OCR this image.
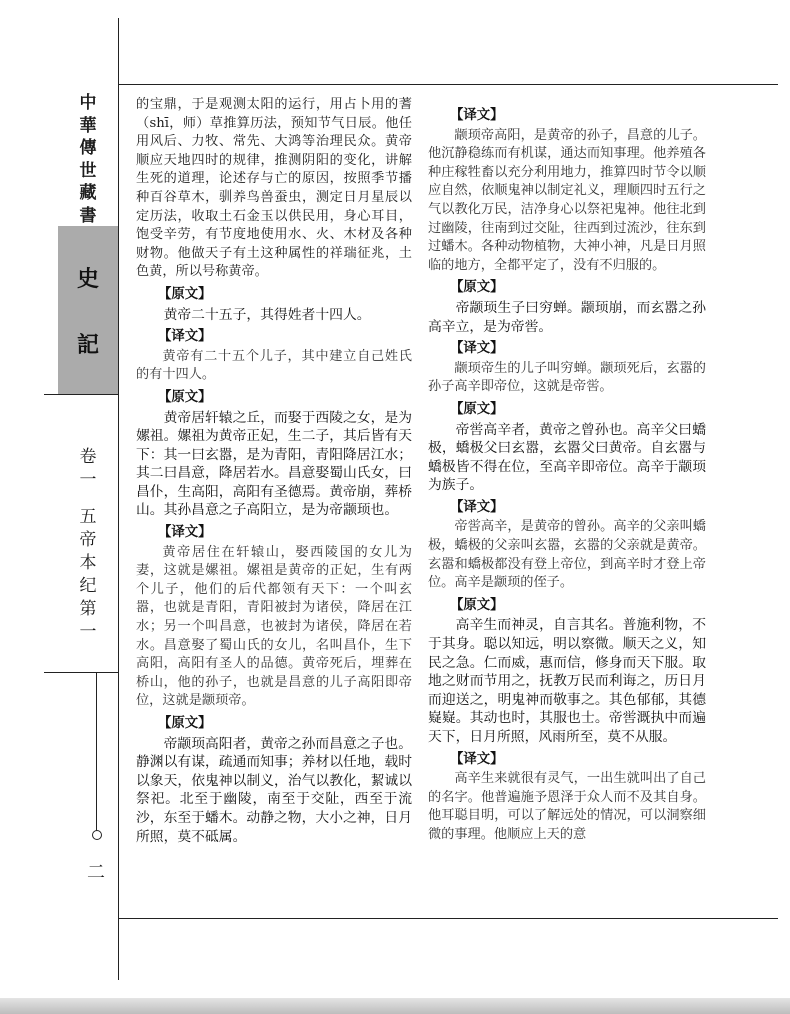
中
華
傳
世
藏
書
史
記
卷
一
五
帝
本
纪
第
一
二

的宝鼎，于是观测太阳的运行，用占卜用的蓍（shī，师）草推算历法，预知节气日辰。他任用风后、力牧、常先、大鸿等治理民众。黄帝顺应天地四时的规律，推测阴阳的变化，讲解生死的道理，论述存与亡的原因，按照季节播种百谷草木，驯养鸟兽蚕虫，测定日月星辰以定历法，收取土石金玉以供民用，身心耳目，饱受辛劳，有节度地使用水、火、木材及各种财物。他做天子有土这种属性的祥瑞征兆，土色黄，所以号称黄帝。

【原文】

黄帝二十五子，其得姓者十四人。

【译文】

黄帝有二十五个儿子，其中建立自己姓氏的有十四人。

【原文】

黄帝居轩辕之丘，而娶于西陵之女，是为嫘祖。嫘祖为黄帝正妃，生二子，其后皆有天下：其一曰玄嚣，是为青阳，青阳降居江水；其二曰昌意，降居若水。昌意娶蜀山氏女，曰昌仆，生高阳，高阳有圣德焉。黄帝崩，葬桥山。其孙昌意之子高阳立，是为帝颛顼也。

【译文】

黄帝居住在轩辕山，娶西陵国的女儿为妻，这就是嫘祖。嫘祖是黄帝的正妃，生有两个儿子，他们的后代都领有天下：一个叫玄嚣，也就是青阳，青阳被封为诸侯，降居在江水；另一个叫昌意，也被封为诸侯，降居在若水。昌意娶了蜀山氏的女儿，名叫昌仆，生下高阳，高阳有圣人的品德。黄帝死后，埋葬在桥山，他的孙子，也就是昌意的儿子高阳即帝位，这就是颛顼帝。

【原文】

帝颛顼高阳者，黄帝之孙而昌意之子也。静渊以有谋，疏通而知事；养材以任地，载时以象天，依鬼神以制义，治气以教化，絜诚以祭祀。北至于幽陵，南至于交阯，西至于流沙，东至于蟠木。动静之物，大小之神，日月所照，莫不砥属。

【译文】

颛顼帝高阳，是黄帝的孙子，昌意的儿子。他沉静稳练而有机谋，通达而知事理。他养殖各种庄稼牲畜以充分利用地力，推算四时节令以顺应自然，依顺鬼神以制定礼义，理顺四时五行之气以教化万民，洁净身心以祭祀鬼神。他往北到过幽陵，往南到过交阯，往西到过流沙，往东到过蟠木。各种动物植物，大神小神，凡是日月照临的地方，全都平定了，没有不归服的。

【原文】

帝颛顼生子曰穷蝉。颛顼崩，而玄嚣之孙高辛立，是为帝喾。

【译文】

颛顼帝生的儿子叫穷蝉。颛顼死后，玄嚣的孙子高辛即帝位，这就是帝喾。

【原文】

帝喾高辛者，黄帝之曾孙也。高辛父曰蟜极，蟜极父曰玄嚣，玄嚣父曰黄帝。自玄嚣与蟜极皆不得在位，至高辛即帝位。高辛于颛顼为族子。

【译文】

帝喾高辛，是黄帝的曾孙。高辛的父亲叫蟜极，蟜极的父亲叫玄嚣，玄嚣的父亲就是黄帝。玄嚣和蟜极都没有登上帝位，到高辛时才登上帝位。高辛是颛顼的侄子。

【原文】

高辛生而神灵，自言其名。普施利物，不于其身。聪以知远，明以察微。顺天之义，知民之急。仁而威，惠而信，修身而天下服。取地之财而节用之，抚教万民而利诲之，历日月而迎送之，明鬼神而敬事之。其色郁郁，其德嶷嶷。其动也时，其服也士。帝喾溉执中而遍天下，日月所照，风雨所至，莫不从服。

【译文】

高辛生来就很有灵气，一出生就叫出了自己的名字。他普遍施予恩泽于众人而不及其自身。他耳聪目明，可以了解远处的情况，可以洞察细微的事理。他顺应上天的意
